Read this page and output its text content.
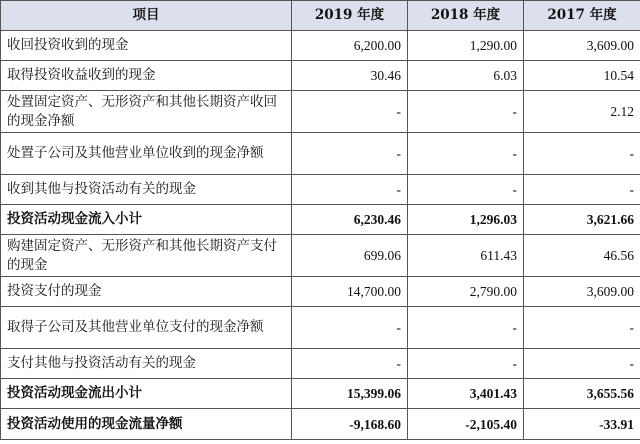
项目	2019 年度	2018 年度	2017 年度
收回投资收到的现金	6,200.00	1,290.00	3,609.00
取得投资收益收到的现金	30.46	6.03	10.54
处置固定资产、无形资产和其他长期资产收回的现金净额	-	-	2.12
处置子公司及其他营业单位收到的现金净额	-	-	-
收到其他与投资活动有关的现金	-	-	-
投资活动现金流入小计	6,230.46	1,296.03	3,621.66
购建固定资产、无形资产和其他长期资产支付的现金	699.06	611.43	46.56
投资支付的现金	14,700.00	2,790.00	3,609.00
取得子公司及其他营业单位支付的现金净额	-	-	-
支付其他与投资活动有关的现金	-	-	-
投资活动现金流出小计	15,399.06	3,401.43	3,655.56
投资活动使用的现金流量净额	-9,168.60	-2,105.40	-33.91
